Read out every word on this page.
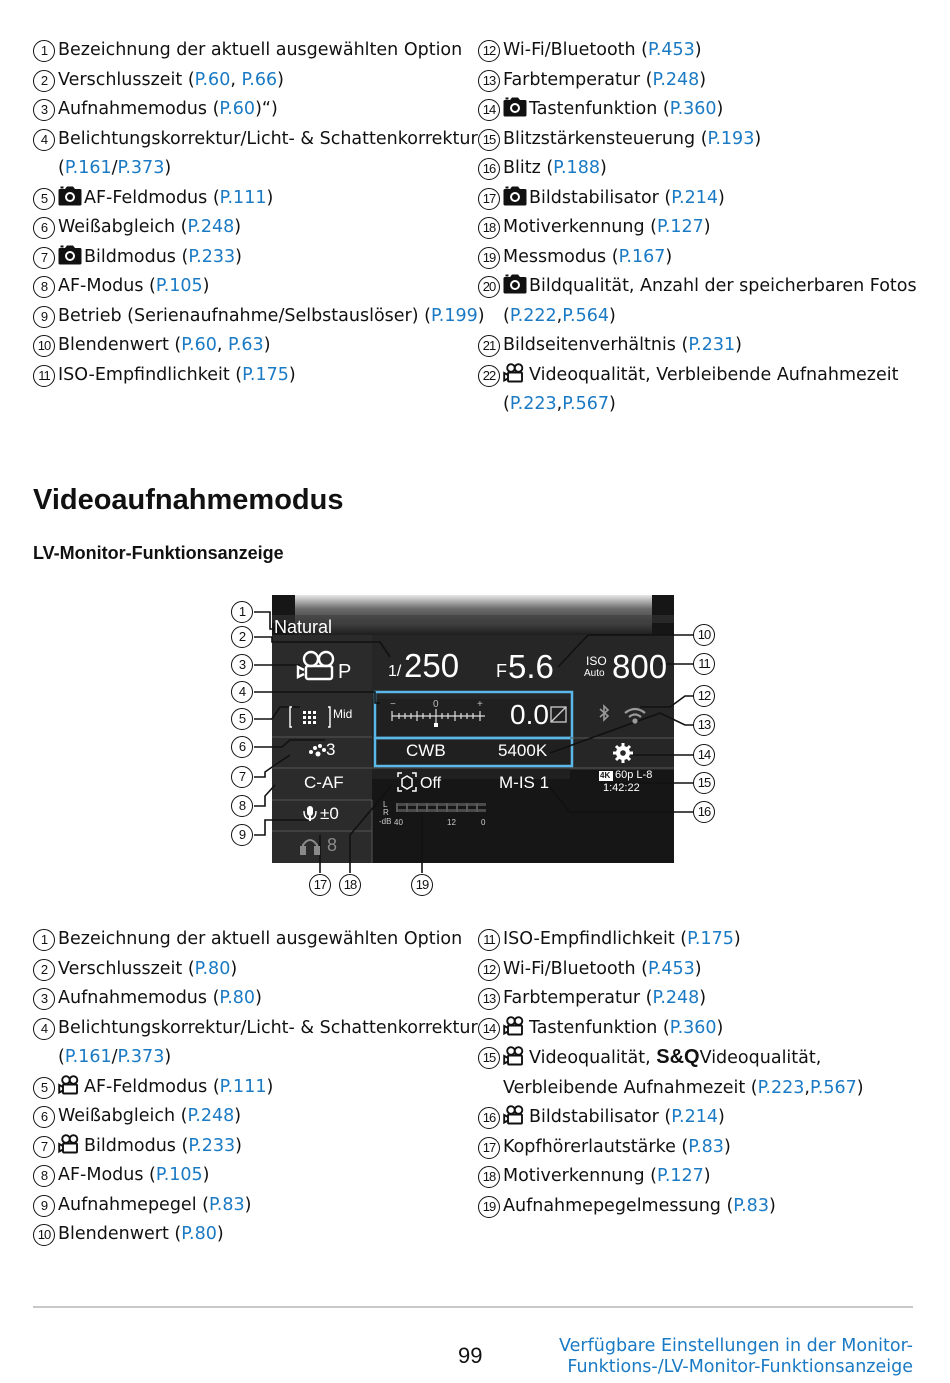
1 Bezeichnung der aktuell ausgewählten Option
2 Verschlusszeit (P.60, P.66)
3 Aufnahmemodus (P.60)“)
4 Belichtungskorrektur/Licht- & Schattenkorrektur
( P.161 / P.373 )
5	AF-Feldmodus (P.111)
6 Weißabgleich (P.248)
7	Bildmodus (P.233)
8 AF-Modus (P.105)
9 Betrieb (Serienaufnahme/Selbstauslöser) (P.199)
10 Blendenwert (P.60, P.63)
11 ISO-Empfindlichkeit (P.175)
12 Wi-Fi/Bluetooth (P.453)
13 Farbtemperatur (P.248)
14	Tastenfunktion (P.360)
15 Blitzstärkensteuerung (P.193)
16 Blitz (P.188)
17	Bildstabilisator (P.214)
18 Motiverkennung (P.127)
19 Messmodus (P.167)
20	Bildqualität, Anzahl der speicherbaren Fotos
( P.222 , P.564 )
21 Bildseitenverhältnis (P.231)
22	Videoqualität, Verbleibende Aufnahmezeit
( P.223 , P.567 )
Videoaufnahmemodus
LV-Monitor-Funktionsanzeige
1
2
3
4
5
6
7
8
9
10
11
12
13
14
15
16
17	18	19
Natural
1/ 250 F 5.6	ISO
Auto 800
P
Mid
−	0	+ 0.0
3	CWB	5400K
C-AF	Off	M-IS 1	4K 60p L-8
1:42:22
±0
8
L
R
-dB 40	12	0
1 Bezeichnung der aktuell ausgewählten Option
2 Verschlusszeit (P.80)
3 Aufnahmemodus (P.80)
4 Belichtungskorrektur/Licht- & Schattenkorrektur
( P.161 / P.373 )
5	AF-Feldmodus (P.111)
6 Weißabgleich (P.248)
7	Bildmodus (P.233)
8 AF-Modus (P.105)
9 Aufnahmepegel (P.83)
10 Blendenwert (P.80)
11 ISO-Empfindlichkeit (P.175)
12 Wi-Fi/Bluetooth (P.453)
13 Farbtemperatur (P.248)
14	Tastenfunktion (P.360)
15	Videoqualität, S&QVideoqualität,
Verbleibende Aufnahmezeit ( P.223 , P.567 )
16	Bildstabilisator (P.214)
17 Kopfhörerlautstärke (P.83)
18 Motiverkennung (P.127)
19 Aufnahmepegelmessung (P.83)
99	Verfügbare Einstellungen in der Monitor-
Funktions-/LV-Monitor-Funktionsanzeige
